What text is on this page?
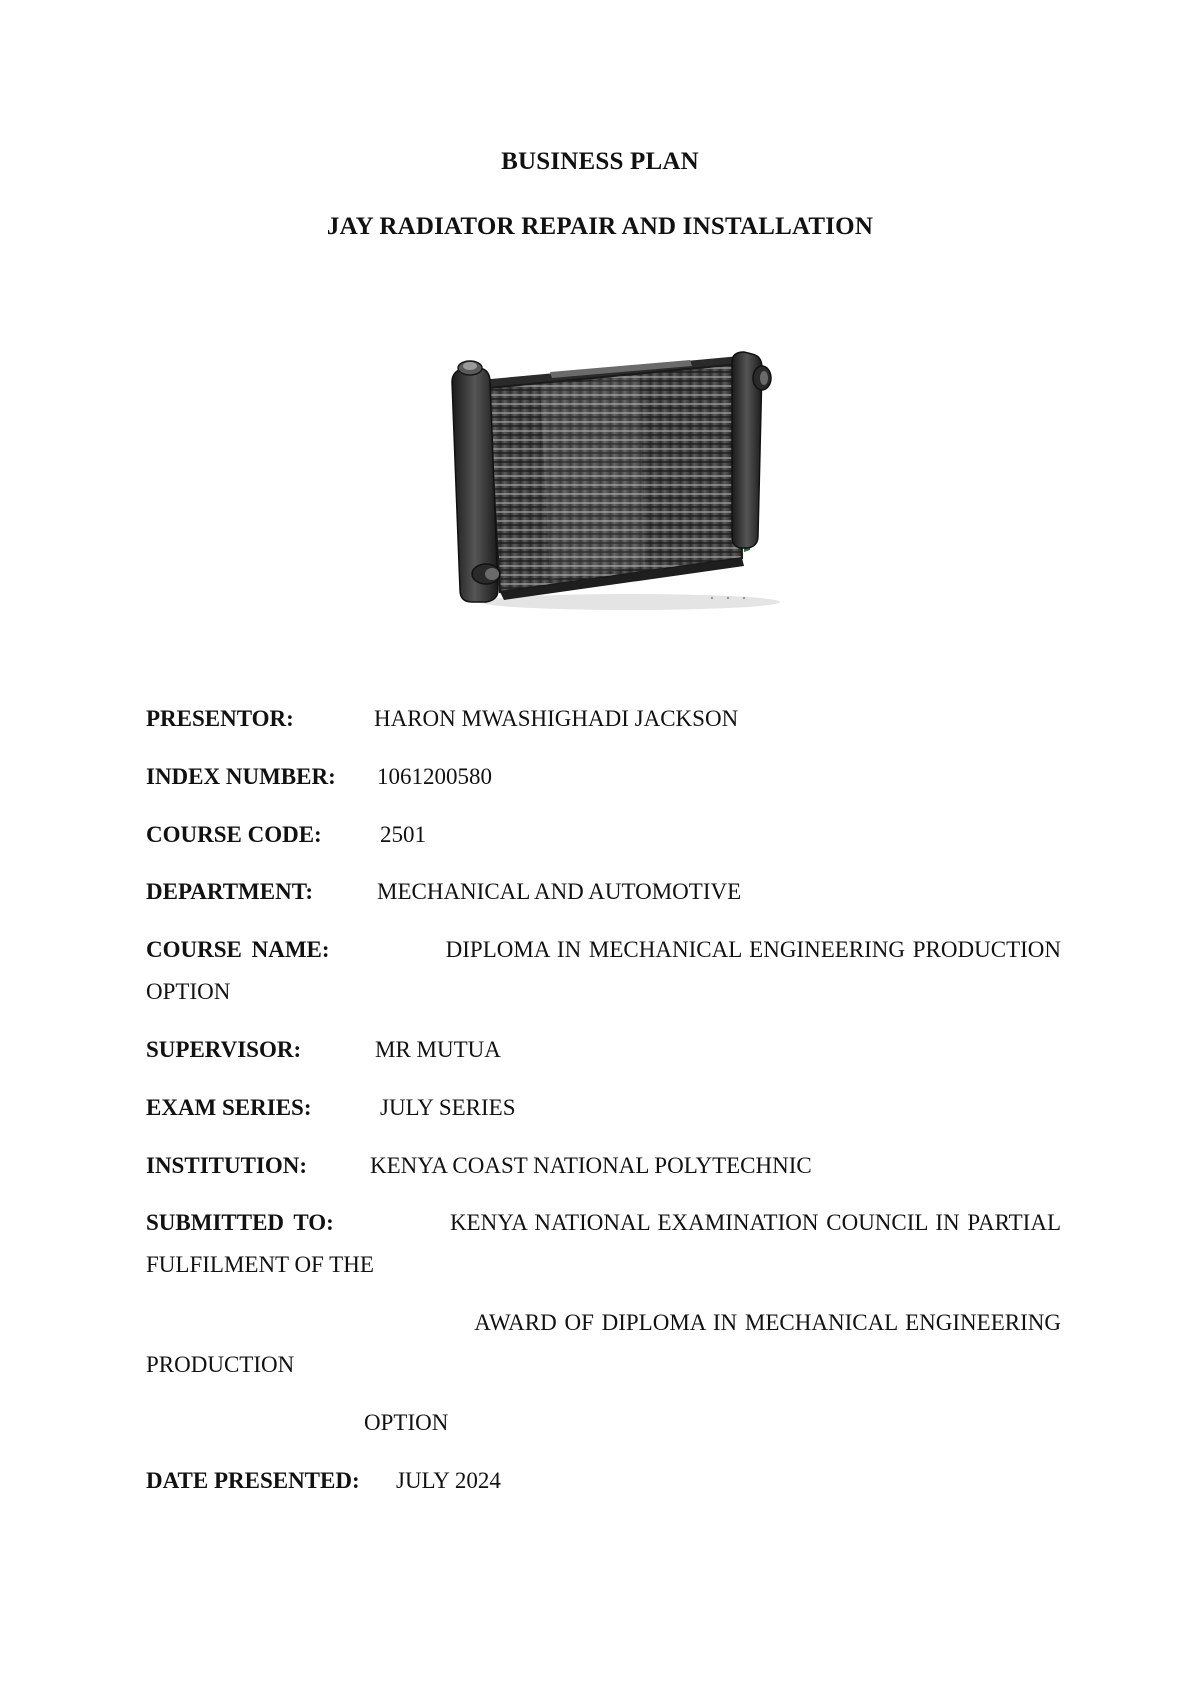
BUSINESS PLAN
JAY RADIATOR REPAIR AND INSTALLATION
PRESENTOR:	HARON MWASHIGHADI JACKSON
INDEX NUMBER: 1061200580
COURSE CODE:	2501
DEPARTMENT:	MECHANICAL AND AUTOMOTIVE
COURSE NAME:	DIPLOMA IN MECHANICAL ENGINEERING PRODUCTION
OPTION
SUPERVISOR:	MR MUTUA
EXAM SERIES:	JULY SERIES
INSTITUTION:	KENYA COAST NATIONAL POLYTECHNIC
SUBMITTED TO:	KENYA NATIONAL EXAMINATION COUNCIL IN PARTIAL
FULFILMENT OF THE
AWARD OF DIPLOMA IN MECHANICAL ENGINEERING
PRODUCTION
OPTION
DATE PRESENTED: JULY 2024
